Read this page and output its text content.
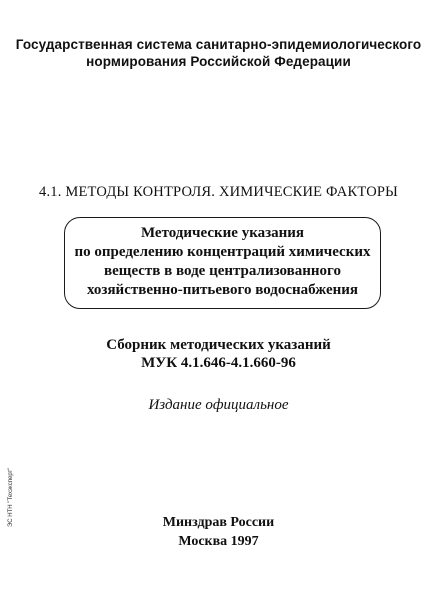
Государственная система санитарно-эпидемиологического
нормирования Российской Федерации
4.1. МЕТОДЫ КОНТРОЛЯ. ХИМИЧЕСКИЕ ФАКТОРЫ
Методические указания
по определению концентраций химических
веществ в воде централизованного
хозяйственно-питьевого водоснабжения
Сборник методических указаний
МУК 4.1.646-4.1.660-96
Издание официальное
Минздрав России
Москва 1997
ЭС НТН "Техэксперт"
